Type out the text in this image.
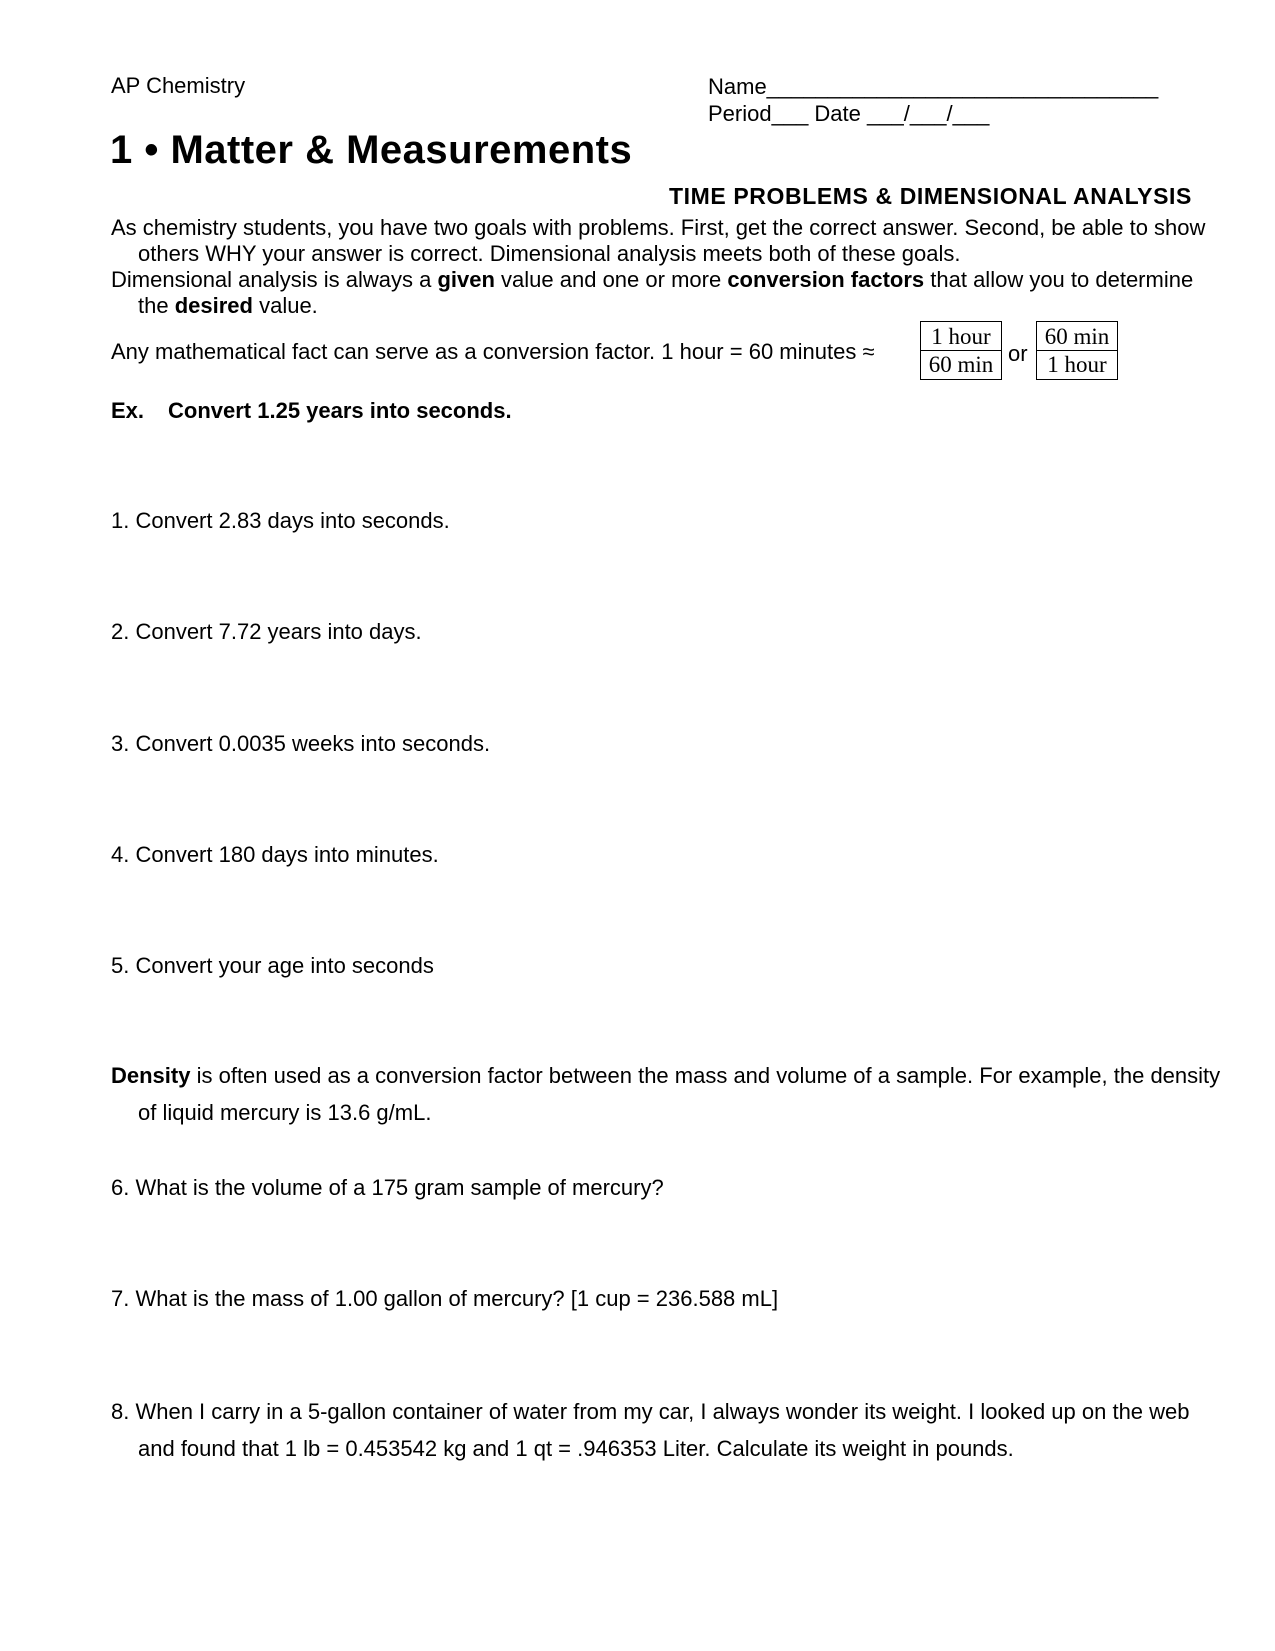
AP Chemistry	Name________________________________
Period___ Date ___/___/___
1 • Matter & Measurements
TIME PROBLEMS & DIMENSIONAL ANALYSIS
As chemistry students, you have two goals with problems. First, get the correct answer. Second, be able to show others WHY your answer is correct. Dimensional analysis meets both of these goals.
Dimensional analysis is always a given value and one or more conversion factors that allow you to determine the desired value.
Any mathematical fact can serve as a conversion factor. 1 hour = 60 minutes ≈
1 hour
60 min or
60 min
1 hour
Ex. Convert 1.25 years into seconds.
1. Convert 2.83 days into seconds.
2. Convert 7.72 years into days.
3. Convert 0.0035 weeks into seconds.
4. Convert 180 days into minutes.
5. Convert your age into seconds
Density is often used as a conversion factor between the mass and volume of a sample. For example, the density of liquid mercury is 13.6 g/mL.
6. What is the volume of a 175 gram sample of mercury?
7. What is the mass of 1.00 gallon of mercury? [1 cup = 236.588 mL]
8. When I carry in a 5-gallon container of water from my car, I always wonder its weight. I looked up on the web and found that 1 lb = 0.453542 kg and 1 qt = .946353 Liter. Calculate its weight in pounds.
